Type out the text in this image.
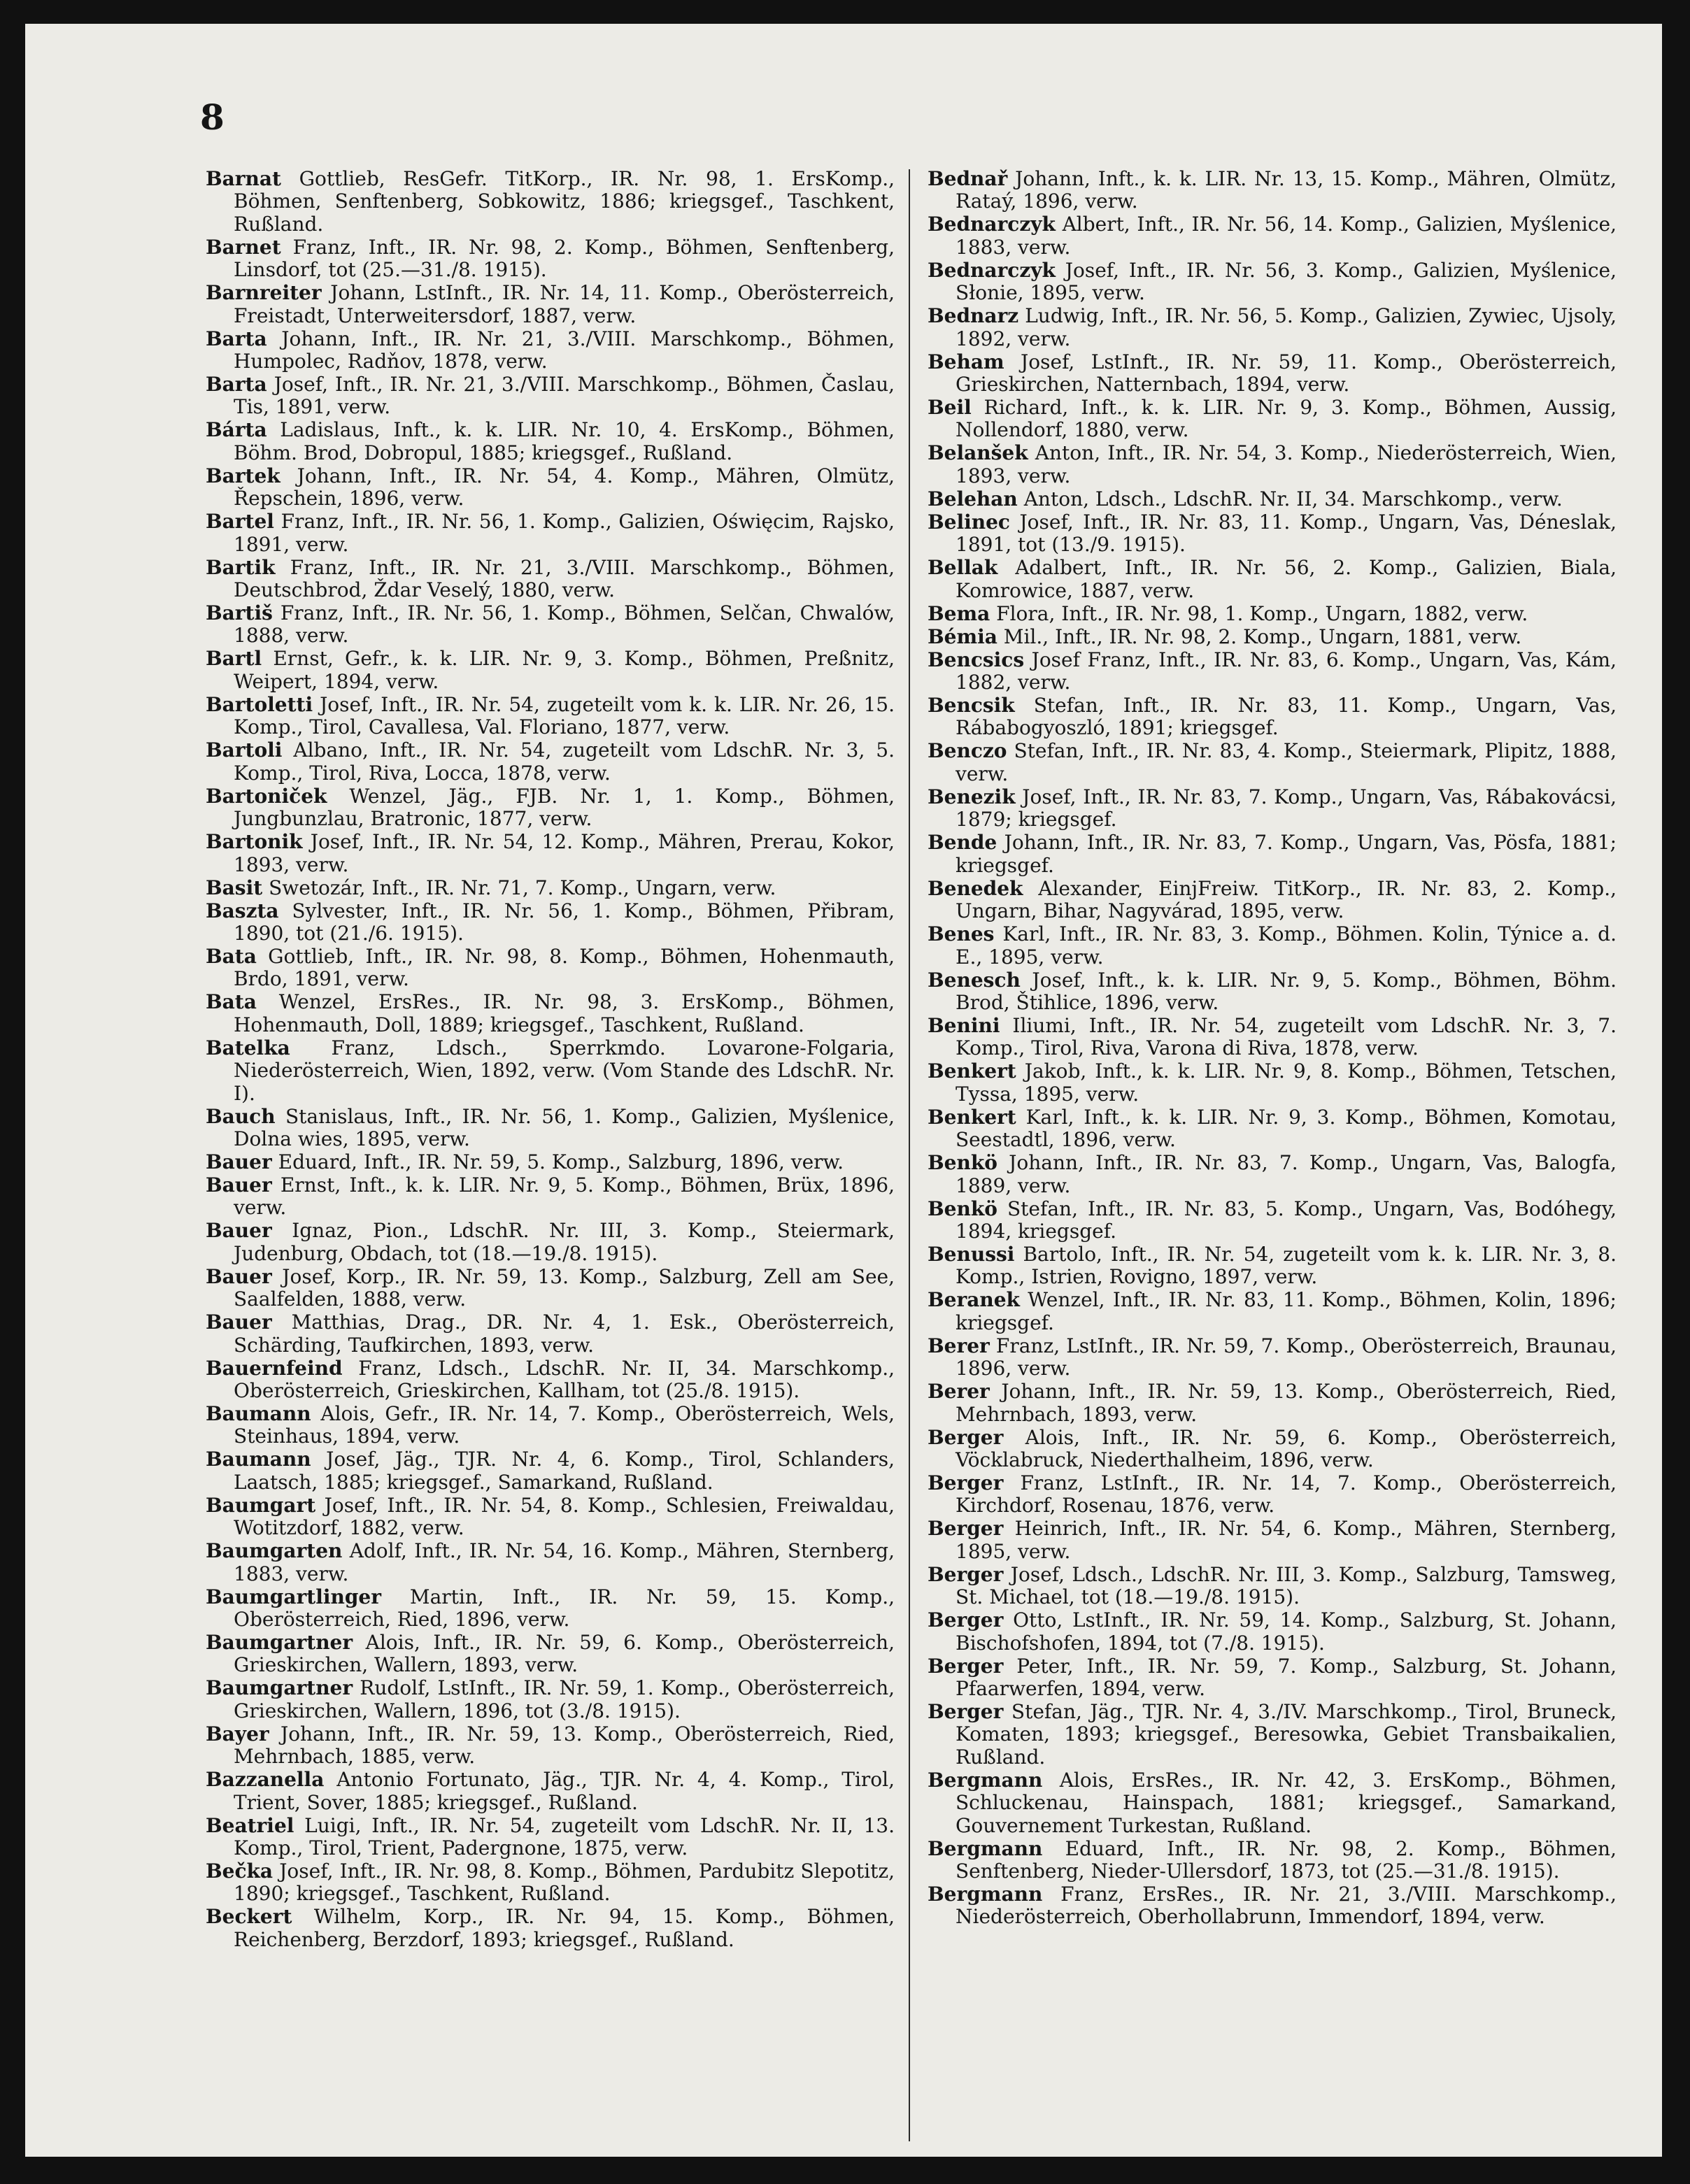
8

Barnat Gottlieb, ResGefr. TitKorp., IR. Nr. 98, 1. ErsKomp., Böhmen, Senftenberg, Sobkowitz, 1886; kriegsgef., Taschkent, Rußland.

Barnet Franz, Inft., IR. Nr. 98, 2. Komp., Böhmen, Senftenberg, Linsdorf, tot (25.—31./8. 1915).

Barnreiter Johann, LstInft., IR. Nr. 14, 11. Komp., Oberösterreich, Freistadt, Unterweitersdorf, 1887, verw.

Barta Johann, Inft., IR. Nr. 21, 3./VIII. Marschkomp., Böhmen, Humpolec, Radňov, 1878, verw.

Barta Josef, Inft., IR. Nr. 21, 3./VIII. Marschkomp., Böhmen, Časlau, Tis, 1891, verw.

Bárta Ladislaus, Inft., k. k. LIR. Nr. 10, 4. ErsKomp., Böhmen, Böhm. Brod, Dobropul, 1885; kriegsgef., Rußland.

Bartek Johann, Inft., IR. Nr. 54, 4. Komp., Mähren, Olmütz, Řepschein, 1896, verw.

Bartel Franz, Inft., IR. Nr. 56, 1. Komp., Galizien, Oświęcim, Rajsko, 1891, verw.

Bartik Franz, Inft., IR. Nr. 21, 3./VIII. Marschkomp., Böhmen, Deutschbrod, Ždar Veselý, 1880, verw.

Bartiš Franz, Inft., IR. Nr. 56, 1. Komp., Böhmen, Selčan, Chwalów, 1888, verw.

Bartl Ernst, Gefr., k. k. LIR. Nr. 9, 3. Komp., Böhmen, Preßnitz, Weipert, 1894, verw.

Bartoletti Josef, Inft., IR. Nr. 54, zugeteilt vom k. k. LIR. Nr. 26, 15. Komp., Tirol, Cavallesa, Val. Floriano, 1877, verw.

Bartoli Albano, Inft., IR. Nr. 54, zugeteilt vom LdschR. Nr. 3, 5. Komp., Tirol, Riva, Locca, 1878, verw.

Bartoniček Wenzel, Jäg., FJB. Nr. 1, 1. Komp., Böhmen, Jungbunzlau, Bratronic, 1877, verw.

Bartonik Josef, Inft., IR. Nr. 54, 12. Komp., Mähren, Prerau, Kokor, 1893, verw.

Basit Swetozár, Inft., IR. Nr. 71, 7. Komp., Ungarn, verw.

Baszta Sylvester, Inft., IR. Nr. 56, 1. Komp., Böhmen, Přibram, 1890, tot (21./6. 1915).

Bata Gottlieb, Inft., IR. Nr. 98, 8. Komp., Böhmen, Hohenmauth, Brdo, 1891, verw.

Bata Wenzel, ErsRes., IR. Nr. 98, 3. ErsKomp., Böhmen, Hohenmauth, Doll, 1889; kriegsgef., Taschkent, Rußland.

Batelka Franz, Ldsch., Sperrkmdo. Lovarone-Folgaria, Niederösterreich, Wien, 1892, verw. (Vom Stande des LdschR. Nr. I).

Bauch Stanislaus, Inft., IR. Nr. 56, 1. Komp., Galizien, Myślenice, Dolna wies, 1895, verw.

Bauer Eduard, Inft., IR. Nr. 59, 5. Komp., Salzburg, 1896, verw.

Bauer Ernst, Inft., k. k. LIR. Nr. 9, 5. Komp., Böhmen, Brüx, 1896, verw.

Bauer Ignaz, Pion., LdschR. Nr. III, 3. Komp., Steiermark, Judenburg, Obdach, tot (18.—19./8. 1915).

Bauer Josef, Korp., IR. Nr. 59, 13. Komp., Salzburg, Zell am See, Saalfelden, 1888, verw.

Bauer Matthias, Drag., DR. Nr. 4, 1. Esk., Oberösterreich, Schärding, Taufkirchen, 1893, verw.

Bauernfeind Franz, Ldsch., LdschR. Nr. II, 34. Marschkomp., Oberösterreich, Grieskirchen, Kallham, tot (25./8. 1915).

Baumann Alois, Gefr., IR. Nr. 14, 7. Komp., Oberösterreich, Wels, Steinhaus, 1894, verw.

Baumann Josef, Jäg., TJR. Nr. 4, 6. Komp., Tirol, Schlanders, Laatsch, 1885; kriegsgef., Samarkand, Rußland.

Baumgart Josef, Inft., IR. Nr. 54, 8. Komp., Schlesien, Freiwaldau, Wotitzdorf, 1882, verw.

Baumgarten Adolf, Inft., IR. Nr. 54, 16. Komp., Mähren, Sternberg, 1883, verw.

Baumgartlinger Martin, Inft., IR. Nr. 59, 15. Komp., Oberösterreich, Ried, 1896, verw.

Baumgartner Alois, Inft., IR. Nr. 59, 6. Komp., Oberösterreich, Grieskirchen, Wallern, 1893, verw.

Baumgartner Rudolf, LstInft., IR. Nr. 59, 1. Komp., Oberösterreich, Grieskirchen, Wallern, 1896, tot (3./8. 1915).

Bayer Johann, Inft., IR. Nr. 59, 13. Komp., Oberösterreich, Ried, Mehrnbach, 1885, verw.

Bazzanella Antonio Fortunato, Jäg., TJR. Nr. 4, 4. Komp., Tirol, Trient, Sover, 1885; kriegsgef., Rußland.

Beatriel Luigi, Inft., IR. Nr. 54, zugeteilt vom LdschR. Nr. II, 13. Komp., Tirol, Trient, Padergnone, 1875, verw.

Bečka Josef, Inft., IR. Nr. 98, 8. Komp., Böhmen, Pardubitz Slepotitz, 1890; kriegsgef., Taschkent, Rußland.

Beckert Wilhelm, Korp., IR. Nr. 94, 15. Komp., Böhmen, Reichenberg, Berzdorf, 1893; kriegsgef., Rußland.

Bednař Johann, Inft., k. k. LIR. Nr. 13, 15. Komp., Mähren, Olmütz, Rataý, 1896, verw.

Bednarczyk Albert, Inft., IR. Nr. 56, 14. Komp., Galizien, Myślenice, 1883, verw.

Bednarczyk Josef, Inft., IR. Nr. 56, 3. Komp., Galizien, Myślenice, Słonie, 1895, verw.

Bednarz Ludwig, Inft., IR. Nr. 56, 5. Komp., Galizien, Zywiec, Ujsoly, 1892, verw.

Beham Josef, LstInft., IR. Nr. 59, 11. Komp., Oberösterreich, Grieskirchen, Natternbach, 1894, verw.

Beil Richard, Inft., k. k. LIR. Nr. 9, 3. Komp., Böhmen, Aussig, Nollendorf, 1880, verw.

Belanšek Anton, Inft., IR. Nr. 54, 3. Komp., Niederösterreich, Wien, 1893, verw.

Belehan Anton, Ldsch., LdschR. Nr. II, 34. Marschkomp., verw.

Belinec Josef, Inft., IR. Nr. 83, 11. Komp., Ungarn, Vas, Déneslak, 1891, tot (13./9. 1915).

Bellak Adalbert, Inft., IR. Nr. 56, 2. Komp., Galizien, Biala, Komrowice, 1887, verw.

Bema Flora, Inft., IR. Nr. 98, 1. Komp., Ungarn, 1882, verw.

Bémia Mil., Inft., IR. Nr. 98, 2. Komp., Ungarn, 1881, verw.

Bencsics Josef Franz, Inft., IR. Nr. 83, 6. Komp., Ungarn, Vas, Kám, 1882, verw.

Bencsik Stefan, Inft., IR. Nr. 83, 11. Komp., Ungarn, Vas, Rábabogyoszló, 1891; kriegsgef.

Benczo Stefan, Inft., IR. Nr. 83, 4. Komp., Steiermark, Plipitz, 1888, verw.

Benezik Josef, Inft., IR. Nr. 83, 7. Komp., Ungarn, Vas, Rábakovácsi, 1879; kriegsgef.

Bende Johann, Inft., IR. Nr. 83, 7. Komp., Ungarn, Vas, Pösfa, 1881; kriegsgef.

Benedek Alexander, EinjFreiw. TitKorp., IR. Nr. 83, 2. Komp., Ungarn, Bihar, Nagyvárad, 1895, verw.

Benes Karl, Inft., IR. Nr. 83, 3. Komp., Böhmen. Kolin, Týnice a. d. E., 1895, verw.

Benesch Josef, Inft., k. k. LIR. Nr. 9, 5. Komp., Böhmen, Böhm. Brod, Štihlice, 1896, verw.

Benini Iliumi, Inft., IR. Nr. 54, zugeteilt vom LdschR. Nr. 3, 7. Komp., Tirol, Riva, Varona di Riva, 1878, verw.

Benkert Jakob, Inft., k. k. LIR. Nr. 9, 8. Komp., Böhmen, Tetschen, Tyssa, 1895, verw.

Benkert Karl, Inft., k. k. LIR. Nr. 9, 3. Komp., Böhmen, Komotau, Seestadtl, 1896, verw.

Benkö Johann, Inft., IR. Nr. 83, 7. Komp., Ungarn, Vas, Balogfa, 1889, verw.

Benkö Stefan, Inft., IR. Nr. 83, 5. Komp., Ungarn, Vas, Bodóhegy, 1894, kriegsgef.

Benussi Bartolo, Inft., IR. Nr. 54, zugeteilt vom k. k. LIR. Nr. 3, 8. Komp., Istrien, Rovigno, 1897, verw.

Beranek Wenzel, Inft., IR. Nr. 83, 11. Komp., Böhmen, Kolin, 1896; kriegsgef.

Berer Franz, LstInft., IR. Nr. 59, 7. Komp., Oberösterreich, Braunau, 1896, verw.

Berer Johann, Inft., IR. Nr. 59, 13. Komp., Oberösterreich, Ried, Mehrnbach, 1893, verw.

Berger Alois, Inft., IR. Nr. 59, 6. Komp., Oberösterreich, Vöcklabruck, Niederthalheim, 1896, verw.

Berger Franz, LstInft., IR. Nr. 14, 7. Komp., Oberösterreich, Kirchdorf, Rosenau, 1876, verw.

Berger Heinrich, Inft., IR. Nr. 54, 6. Komp., Mähren, Sternberg, 1895, verw.

Berger Josef, Ldsch., LdschR. Nr. III, 3. Komp., Salzburg, Tamsweg, St. Michael, tot (18.—19./8. 1915).

Berger Otto, LstInft., IR. Nr. 59, 14. Komp., Salzburg, St. Johann, Bischofshofen, 1894, tot (7./8. 1915).

Berger Peter, Inft., IR. Nr. 59, 7. Komp., Salzburg, St. Johann, Pfaarwerfen, 1894, verw.

Berger Stefan, Jäg., TJR. Nr. 4, 3./IV. Marschkomp., Tirol, Bruneck, Komaten, 1893; kriegsgef., Beresowka, Gebiet Transbaikalien, Rußland.

Bergmann Alois, ErsRes., IR. Nr. 42, 3. ErsKomp., Böhmen, Schluckenau, Hainspach, 1881; kriegsgef., Samarkand, Gouvernement Turkestan, Rußland.

Bergmann Eduard, Inft., IR. Nr. 98, 2. Komp., Böhmen, Senftenberg, Nieder-Ullersdorf, 1873, tot (25.—31./8. 1915).

Bergmann Franz, ErsRes., IR. Nr. 21, 3./VIII. Marschkomp., Niederösterreich, Oberhollabrunn, Immendorf, 1894, verw.
